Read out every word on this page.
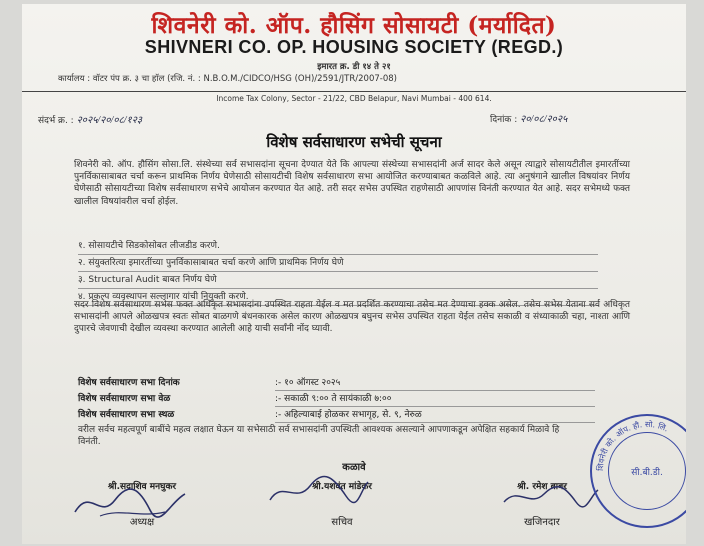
शिवनेरी को. ऑप. हौसिंग सोसायटी (मर्यादित)
SHIVNERI CO. OP. HOUSING SOCIETY (REGD.)
इमारत क्र. डी १४ ते २१
कार्यालय : वॉटर पंप क्र. ३ चा हॉल (रजि. नं. : N.B.O.M./CIDCO/HSG (OH)/2591/JTR/2007-08)
Income Tax Colony, Sector - 21/22, CBD Belapur, Navi Mumbai - 400 614.
संदर्भ क्र. : २०२५/२०/०८/१२३	दिनांक : २०/०८/२०२५
विशेष सर्वसाधारण सभेची सूचना
शिवनेरी को. ऑप. हौसिंग सोसा.लि. संस्थेच्या सर्व सभासदांना सूचना देण्यात येते कि आपल्या संस्थेच्या सभासदांनी अर्ज सादर केले असून त्याद्वारे सोसायटीतील इमारतींच्या पुनर्विकासाबाबत चर्चा करून प्राथमिक निर्णय घेणेसाठी सोसायटीची विशेष सर्वसाधारण सभा आयोजित करण्याबाबत कळविले आहे. त्या अनुषंगाने खालील विषयांवर निर्णय घेणेसाठी सोसायटीच्या विशेष सर्वसाधारण सभेचे आयोजन करण्यात येत आहे. तरी सदर सभेस उपस्थित राहणेसाठी आपणांस विनंती करण्यात येत आहे. सदर सभेमध्ये फक्त खालील विषयांवरील चर्चा होईल.
१. सोसायटीचे सिडकोसोबत लीजडीड करणे.
२. संयुक्तरित्या इमारतींच्या पुनर्विकासाबाबत चर्चा करणे आणि प्राथमिक निर्णय घेणे
३. Structural Audit बाबत निर्णय घेणे
४. प्रकल्प व्यवस्थापन सल्लागार यांची नियुक्ती करणे.
सदर विशेष सर्वसाधारण सभेस फक्त अधिकृत सभासदांना उपस्थित राहता येईल व मत प्रदर्शित करण्याचा तसेच मत देण्याचा हक्क असेल. तसेच सभेस येताना सर्व अधिकृत सभासदांनी आपले ओळखपत्र स्वतः सोबत बाळगणे बंधनकारक असेल कारण ओळखपत्र बघुनच सभेस उपस्थित राहता येईल तसेच सकाळी व संध्याकाळी चहा, नाश्ता आणि दुपारचे जेवणाची देखील व्यवस्था करण्यात आलेली आहे याची सर्वांनी नोंद घ्यावी.
विशेष सर्वसाधारण सभा दिनांक	:- १० ऑगस्ट २०२५
विशेष सर्वसाधारण सभा वेळ	:- सकाळी ९:०० ते सायंकाळी ७:००
विशेष सर्वसाधारण सभा स्थळ	:- अहिल्याबाई होळकर सभागृह, से. ९, नेरुळ
वरील सर्वच महत्वपूर्ण बाबींचे महत्व लक्षात घेऊन या सभेसाठी सर्व सभासदांनी उपस्थिती आवश्यक असल्याने आपणाकडून अपेक्षित सहकार्य मिळावे हि विनंती.
कळावे
श्री.सदाशिव मनघुकर
अध्यक्ष
श्री.यशवंत मांडेकर
सचिव
श्री. रमेश बाबर
खजिनदार
शिवनेरी को. ऑप. हौ. सो. लि.
सी.बी.डी.
